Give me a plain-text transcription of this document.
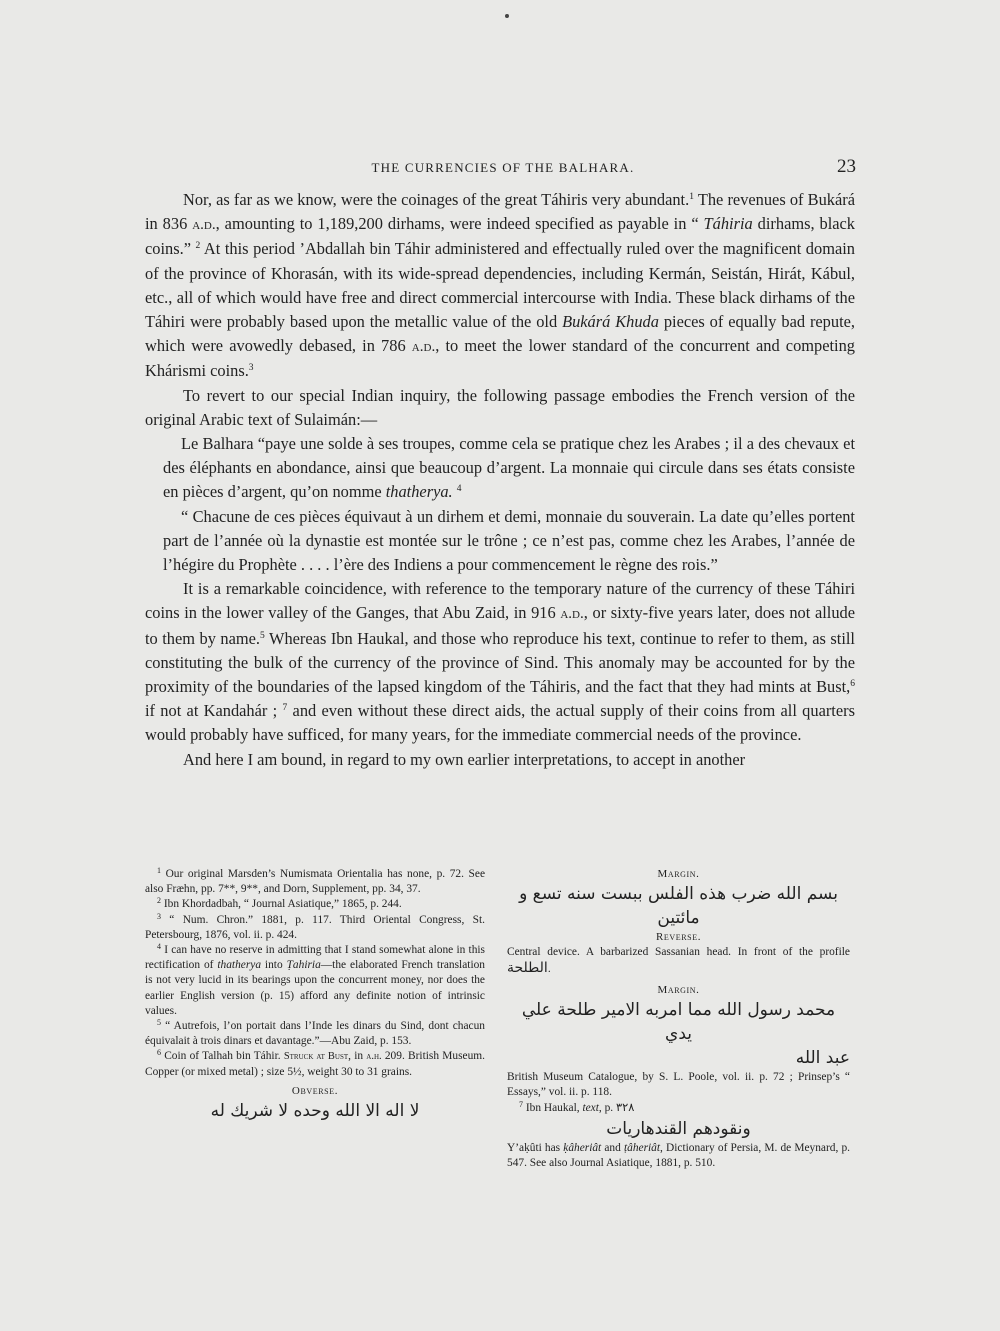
THE CURRENCIES OF THE BALHARA.	23

Nor, as far as we know, were the coinages of the great Táhiris very abundant.$^1$ The revenues of Bukárá in 836 a.d., amounting to 1,189,200 dirhams, were indeed specified as payable in “ Táhiria dirhams, black coins.” $^2$ At this period ’Abdallah bin Táhir administered and effectually ruled over the magnificent domain of the province of Khorasán, with its wide-spread dependencies, including Kermán, Seistán, Hirát, Kábul, etc., all of which would have free and direct commercial intercourse with India. These black dirhams of the Táhiri were probably based upon the metallic value of the old Bukárá Khuda pieces of equally bad repute, which were avowedly debased, in 786 a.d., to meet the lower standard of the concurrent and competing Khárismi coins.$^3$

To revert to our special Indian inquiry, the following passage embodies the French version of the original Arabic text of Sulaimán:—

Le Balhara “paye une solde à ses troupes, comme cela se pratique chez les Arabes ; il a des chevaux et des éléphants en abondance, ainsi que beaucoup d’argent. La monnaie qui circule dans ses états consiste en pièces d’argent, qu’on nomme thatherya. $^4$

“ Chacune de ces pièces équivaut à un dirhem et demi, monnaie du souverain. La date qu’elles portent part de l’année où la dynastie est montée sur le trône ; ce n’est pas, comme chez les Arabes, l’année de l’hégire du Prophète . . . . l’ère des Indiens a pour commencement le règne des rois.”

It is a remarkable coincidence, with reference to the temporary nature of the currency of these Táhiri coins in the lower valley of the Ganges, that Abu Zaid, in 916 a.d., or sixty-five years later, does not allude to them by name.$^5$ Whereas Ibn Haukal, and those who reproduce his text, continue to refer to them, as still constituting the bulk of the currency of the province of Sind. This anomaly may be accounted for by the proximity of the boundaries of the lapsed kingdom of the Táhiris, and the fact that they had mints at Bust,$^6$ if not at Kandahár ; $^7$ and even without these direct aids, the actual supply of their coins from all quarters would probably have sufficed, for many years, for the immediate commercial needs of the province.

And here I am bound, in regard to my own earlier interpretations, to accept in another

$^1$ Our original Marsden’s Numismata Orientalia has none, p. 72. See also Fræhn, pp. 7**, 9**, and Dorn, Supplement, pp. 34, 37.

$^2$ Ibn Khordadbah, “ Journal Asiatique,” 1865, p. 244.

$^3$ “ Num. Chron.” 1881, p. 117. Third Oriental Congress, St. Petersbourg, 1876, vol. ii. p. 424.

$^4$ I can have no reserve in admitting that I stand somewhat alone in this rectification of thatherya into Ṭahiria—the elaborated French translation is not very lucid in its bearings upon the concurrent money, nor does the earlier English version (p. 15) afford any definite notion of intrinsic values.

$^5$ “ Autrefois, l’on portait dans l’Inde les dinars du Sind, dont chacun équivalait à trois dinars et davantage.”—Abu Zaid, p. 153.

$^6$ Coin of Talhah bin Táhir. Struck at Bust, in a.h. 209. British Museum. Copper (or mixed metal) ; size 5½, weight 30 to 31 grains.

Obverse.

لا اله الا الله وحده لا شريك له

Margin.

بسم الله ضرب هذه الفلس ببست سنه تسع و مائتين

Reverse.

Central device. A barbarized Sassanian head. In front of the profile الطلحة.

Margin.

محمد رسول الله مما امربه الامير طلحة علي يدي

عبد الله

British Museum Catalogue, by S. L. Poole, vol. ii. p. 72 ; Prinsep’s “ Essays,” vol. ii. p. 118.

$^7$ Ibn Haukal, text, p. ٣٢٨

ونقودهم القندهاريات

Y’aḳûti has ḳâheriât and ṭâheriât, Dictionary of Persia, M. de Meynard, p. 547. See also Journal Asiatique, 1881, p. 510.
